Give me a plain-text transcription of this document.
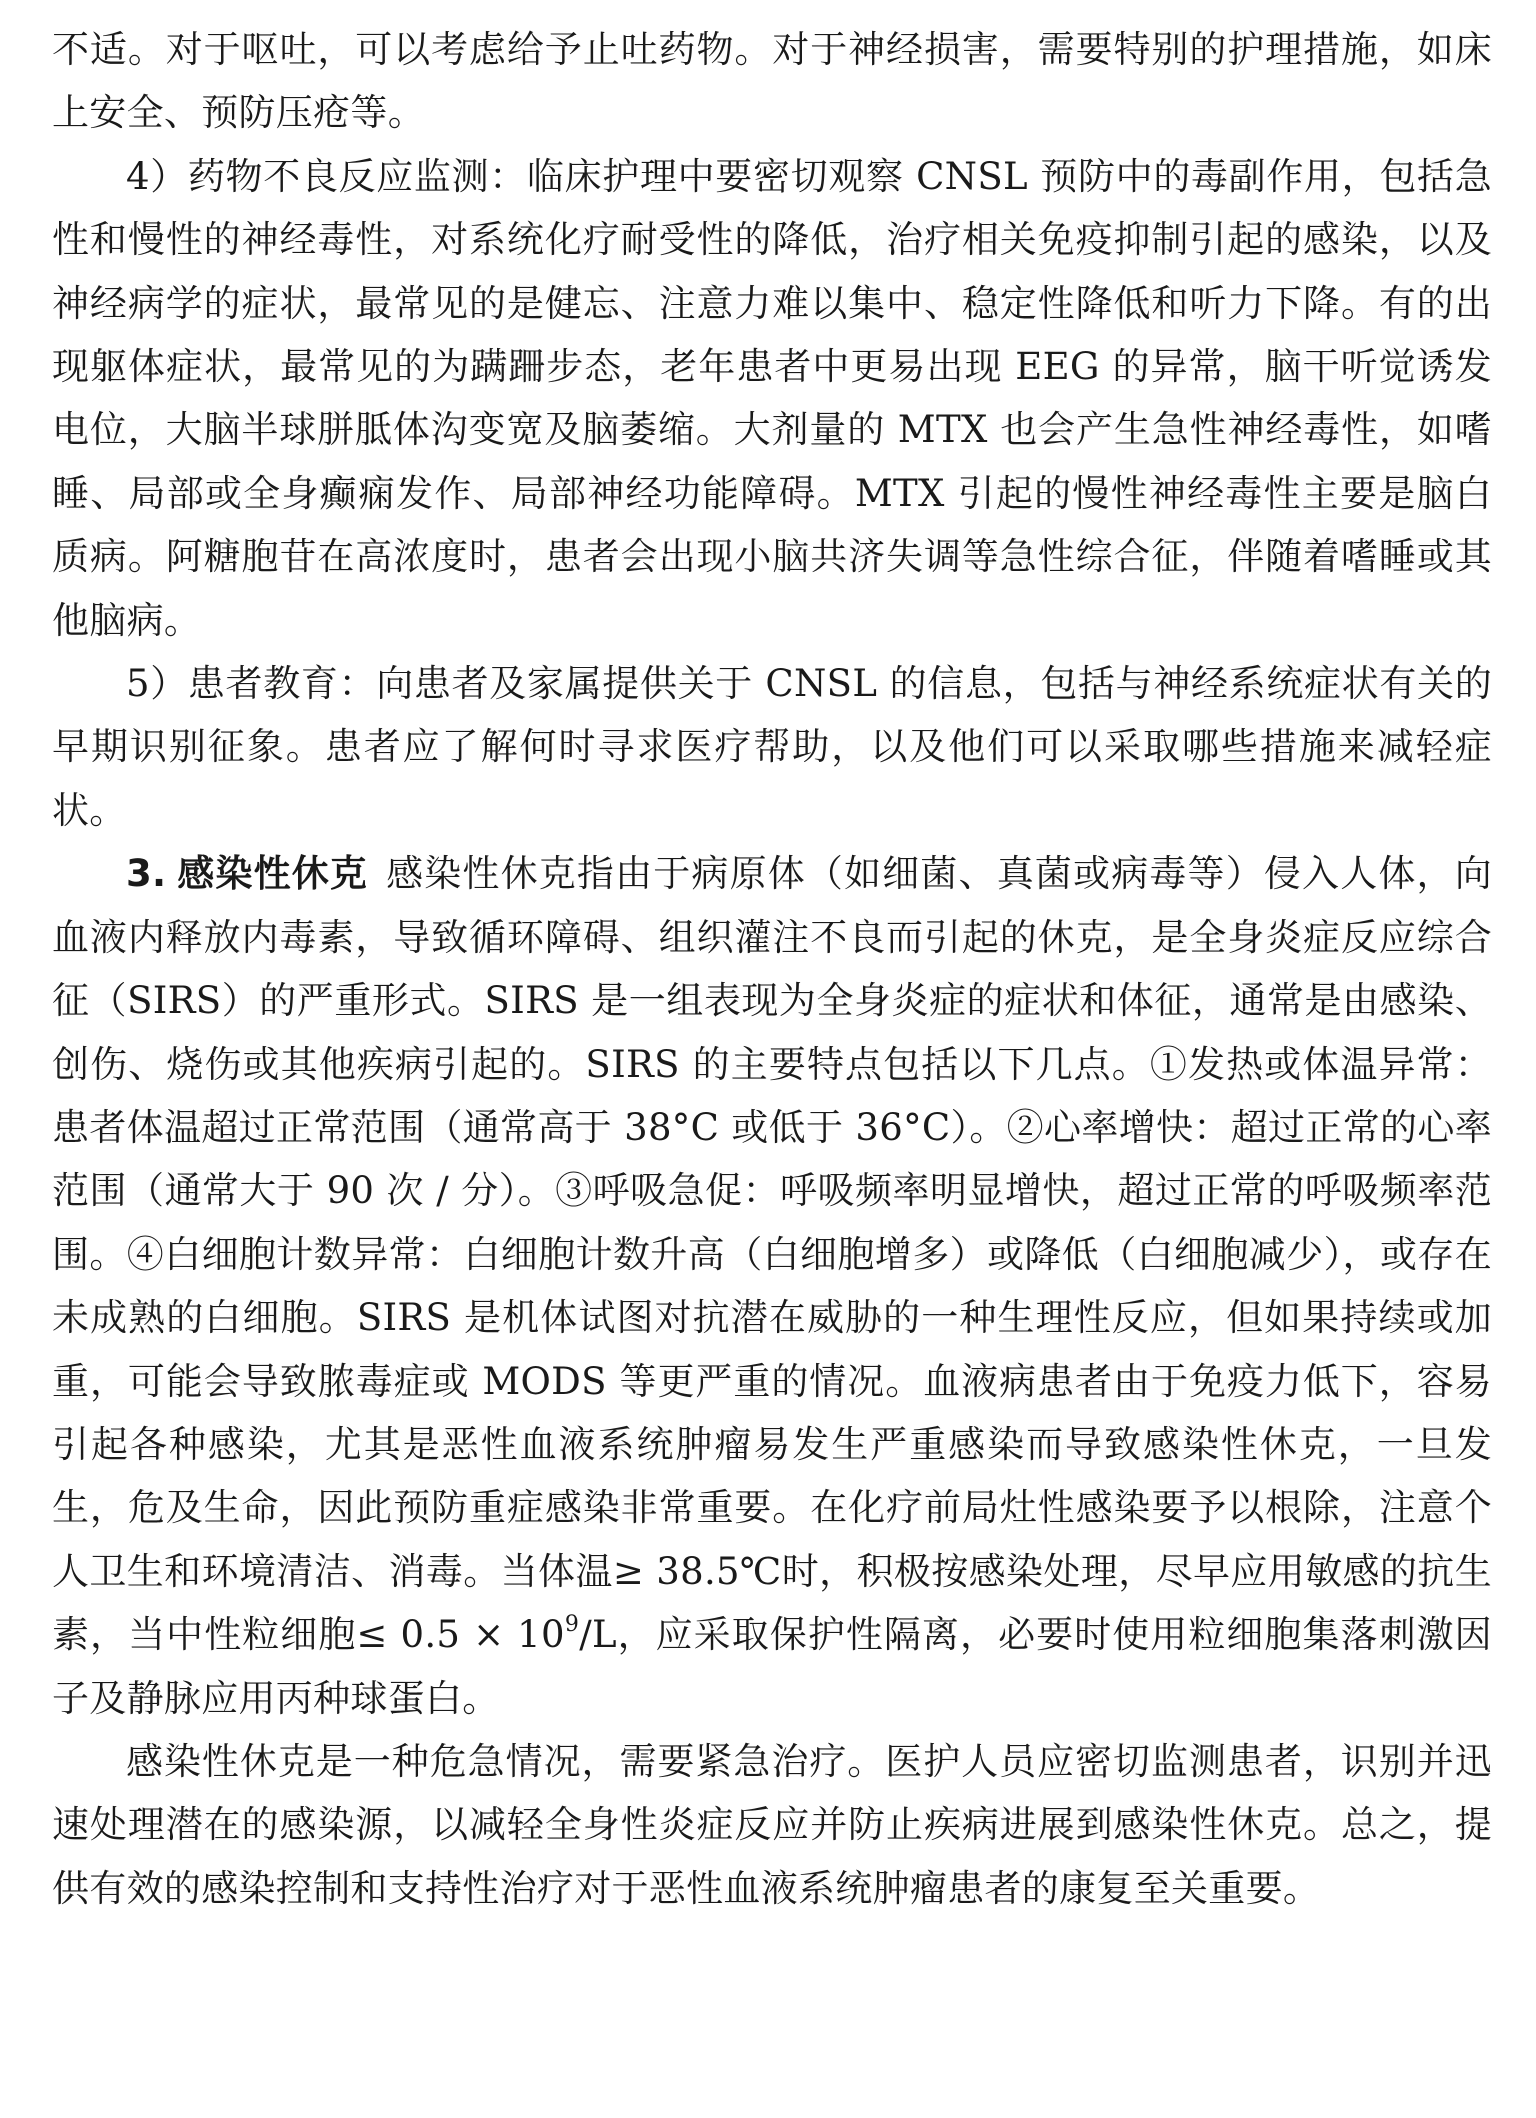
不适。对于呕吐，可以考虑给予止吐药物。对于神经损害，需要特别的护理措施，如床上安全、预防压疮等。

4）药物不良反应监测：临床护理中要密切观察 CNSL 预防中的毒副作用，包括急性和慢性的神经毒性，对系统化疗耐受性的降低，治疗相关免疫抑制引起的感染，以及神经病学的症状，最常见的是健忘、注意力难以集中、稳定性降低和听力下降。有的出现躯体症状，最常见的为蹒跚步态，老年患者中更易出现 EEG 的异常，脑干听觉诱发电位，大脑半球胼胝体沟变宽及脑萎缩。大剂量的 MTX 也会产生急性神经毒性，如嗜睡、局部或全身癫痫发作、局部神经功能障碍。MTX 引起的慢性神经毒性主要是脑白质病。阿糖胞苷在高浓度时，患者会出现小脑共济失调等急性综合征，伴随着嗜睡或其他脑病。

5）患者教育：向患者及家属提供关于 CNSL 的信息，包括与神经系统症状有关的早期识别征象。患者应了解何时寻求医疗帮助，以及他们可以采取哪些措施来减轻症状。

3. 感染性休克 感染性休克指由于病原体（如细菌、真菌或病毒等）侵入人体，向血液内释放内毒素，导致循环障碍、组织灌注不良而引起的休克，是全身炎症反应综合征（SIRS）的严重形式。SIRS 是一组表现为全身炎症的症状和体征，通常是由感染、创伤、烧伤或其他疾病引起的。SIRS 的主要特点包括以下几点。①发热或体温异常：患者体温超过正常范围（通常高于 38°C 或低于 36°C）。②心率增快：超过正常的心率范围（通常大于 90 次 / 分）。③呼吸急促：呼吸频率明显增快，超过正常的呼吸频率范围。④白细胞计数异常：白细胞计数升高（白细胞增多）或降低（白细胞减少），或存在未成熟的白细胞。SIRS 是机体试图对抗潜在威胁的一种生理性反应，但如果持续或加重，可能会导致脓毒症或 MODS 等更严重的情况。血液病患者由于免疫力低下，容易引起各种感染，尤其是恶性血液系统肿瘤易发生严重感染而导致感染性休克，一旦发生，危及生命，因此预防重症感染非常重要。在化疗前局灶性感染要予以根除，注意个人卫生和环境清洁、消毒。当体温≥ 38.5℃时，积极按感染处理，尽早应用敏感的抗生素，当中性粒细胞≤ $0.5 \times 10^9/L$，应采取保护性隔离，必要时使用粒细胞集落刺激因子及静脉应用丙种球蛋白。

感染性休克是一种危急情况，需要紧急治疗。医护人员应密切监测患者，识别并迅速处理潜在的感染源，以减轻全身性炎症反应并防止疾病进展到感染性休克。总之，提供有效的感染控制和支持性治疗对于恶性血液系统肿瘤患者的康复至关重要。
